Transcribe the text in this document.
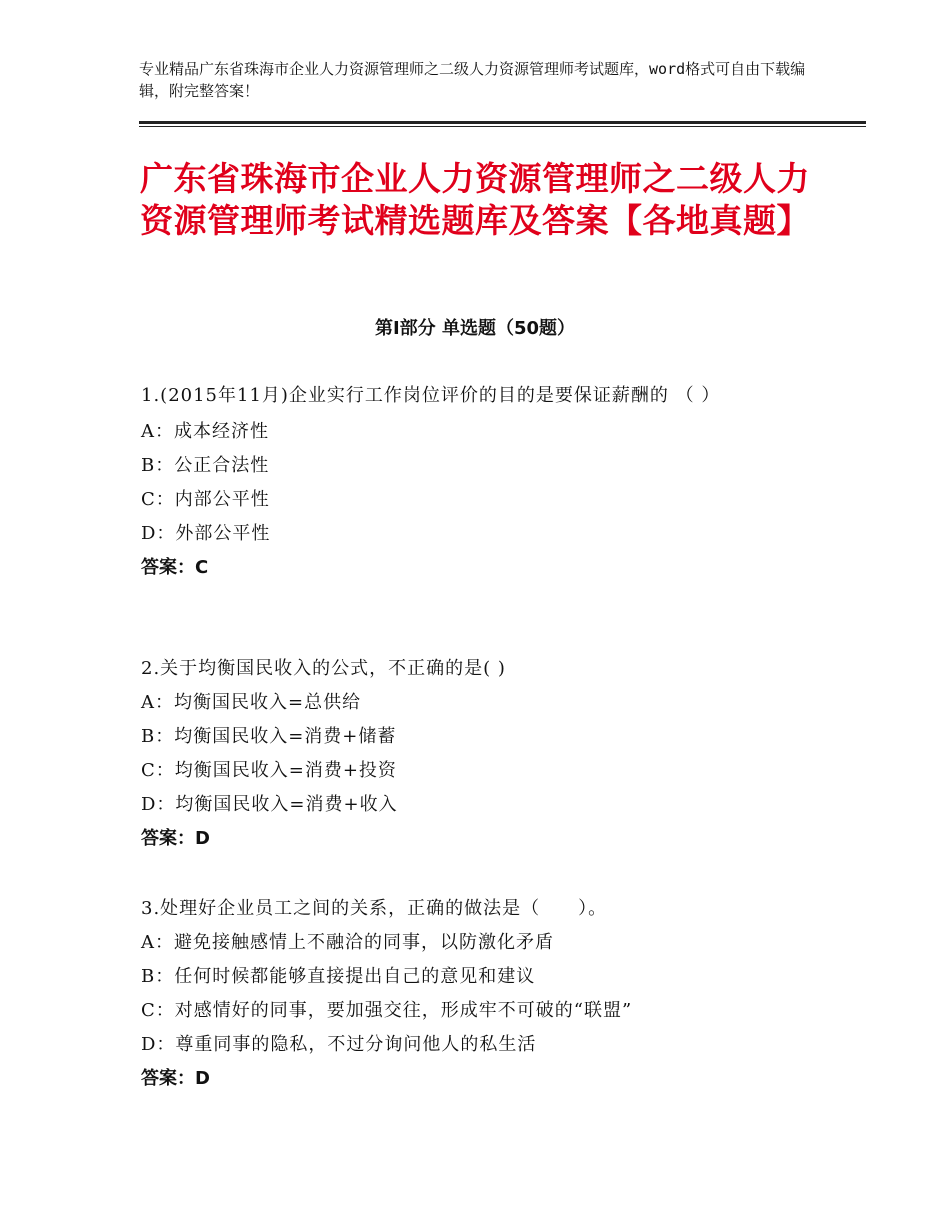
专业精品广东省珠海市企业人力资源管理师之二级人力资源管理师考试题库，word格式可自由下载编辑，附完整答案！
广东省珠海市企业人力资源管理师之二级人力资源管理师考试精选题库及答案【各地真题】
第Ⅰ部分 单选题（50题）

1.(2015年11月)企业实行工作岗位评价的目的是要保证薪酬的 （ ）

A：成本经济性

B：公正合法性

C：内部公平性

D：外部公平性

答案：C

2.关于均衡国民收入的公式，不正确的是( )

A：均衡国民收入=总供给

B：均衡国民收入=消费+储蓄

C：均衡国民收入=消费+投资

D：均衡国民收入=消费+收入

答案：D

3.处理好企业员工之间的关系，正确的做法是（　　）。

A：避免接触感情上不融洽的同事，以防激化矛盾

B：任何时候都能够直接提出自己的意见和建议

C：对感情好的同事，要加强交往，形成牢不可破的“联盟”

D：尊重同事的隐私，不过分询问他人的私生活

答案：D
